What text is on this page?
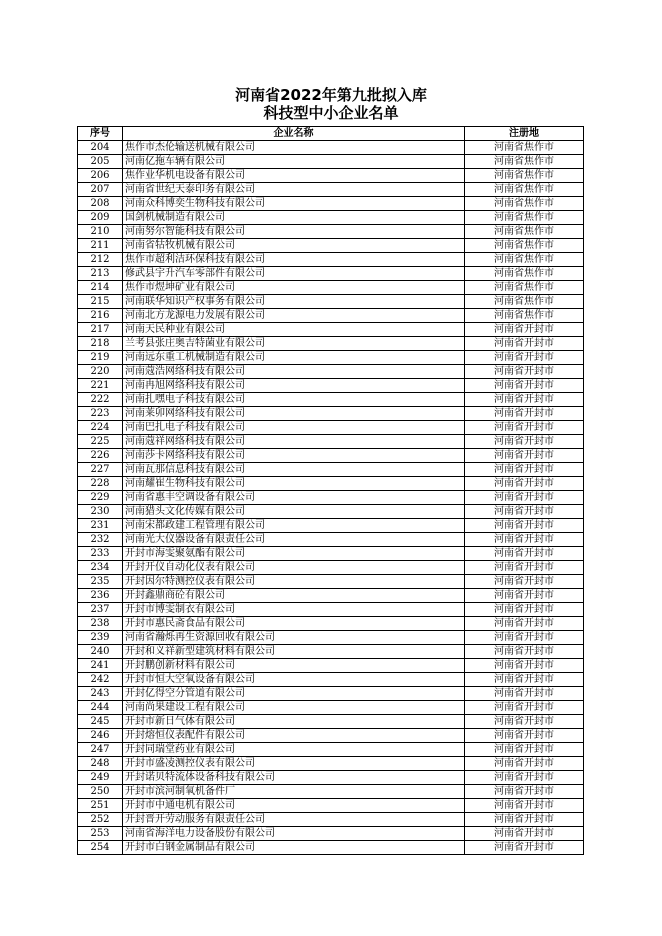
河南省2022年第九批拟入库
科技型中小企业名单
序号	企业名称	注册地
204	焦作市杰伦输送机械有限公司	河南省焦作市
205	河南亿拖车辆有限公司	河南省焦作市
206	焦作业华机电设备有限公司	河南省焦作市
207	河南省世纪天泰印务有限公司	河南省焦作市
208	河南众科博奕生物科技有限公司	河南省焦作市
209	国剑机械制造有限公司	河南省焦作市
210	河南努尔智能科技有限公司	河南省焦作市
211	河南省牯牧机械有限公司	河南省焦作市
212	焦作市超利洁环保科技有限公司	河南省焦作市
213	修武县宇升汽车零部件有限公司	河南省焦作市
214	焦作市煜坤矿业有限公司	河南省焦作市
215	河南联华知识产权事务有限公司	河南省焦作市
216	河南北方龙源电力发展有限公司	河南省焦作市
217	河南天民种业有限公司	河南省开封市
218	兰考县张庄奥吉特菌业有限公司	河南省开封市
219	河南远东重工机械制造有限公司	河南省开封市
220	河南蔻浩网络科技有限公司	河南省开封市
221	河南冉旭网络科技有限公司	河南省开封市
222	河南扎嘿电子科技有限公司	河南省开封市
223	河南莱卯网络科技有限公司	河南省开封市
224	河南巴扎电子科技有限公司	河南省开封市
225	河南蔻祥网络科技有限公司	河南省开封市
226	河南莎卡网络科技有限公司	河南省开封市
227	河南瓦那信息科技有限公司	河南省开封市
228	河南耀崔生物科技有限公司	河南省开封市
229	河南省惠丰空调设备有限公司	河南省开封市
230	河南猎头文化传媒有限公司	河南省开封市
231	河南宋都政建工程管理有限公司	河南省开封市
232	河南光大仪器设备有限责任公司	河南省开封市
233	开封市海雯聚氨酯有限公司	河南省开封市
234	开封开仪自动化仪表有限公司	河南省开封市
235	开封因尔特测控仪表有限公司	河南省开封市
236	开封鑫鼎商砼有限公司	河南省开封市
237	开封市博雯制衣有限公司	河南省开封市
238	开封市惠民斋食品有限公司	河南省开封市
239	河南省瀚烁再生资源回收有限公司	河南省开封市
240	开封和义祥新型建筑材料有限公司	河南省开封市
241	开封鹏创新材料有限公司	河南省开封市
242	开封市恒大空氧设备有限公司	河南省开封市
243	开封亿得空分管道有限公司	河南省开封市
244	河南尚果建设工程有限公司	河南省开封市
245	开封市新日气体有限公司	河南省开封市
246	开封熔恒仪表配件有限公司	河南省开封市
247	开封同瑞堂药业有限公司	河南省开封市
248	开封市盛凌测控仪表有限公司	河南省开封市
249	开封诺贝特流体设备科技有限公司	河南省开封市
250	开封市滨河制氧机备件厂	河南省开封市
251	开封市中通电机有限公司	河南省开封市
252	开封晋开劳动服务有限责任公司	河南省开封市
253	河南省海洋电力设备股份有限公司	河南省开封市
254	开封市白钢金属制品有限公司	河南省开封市
